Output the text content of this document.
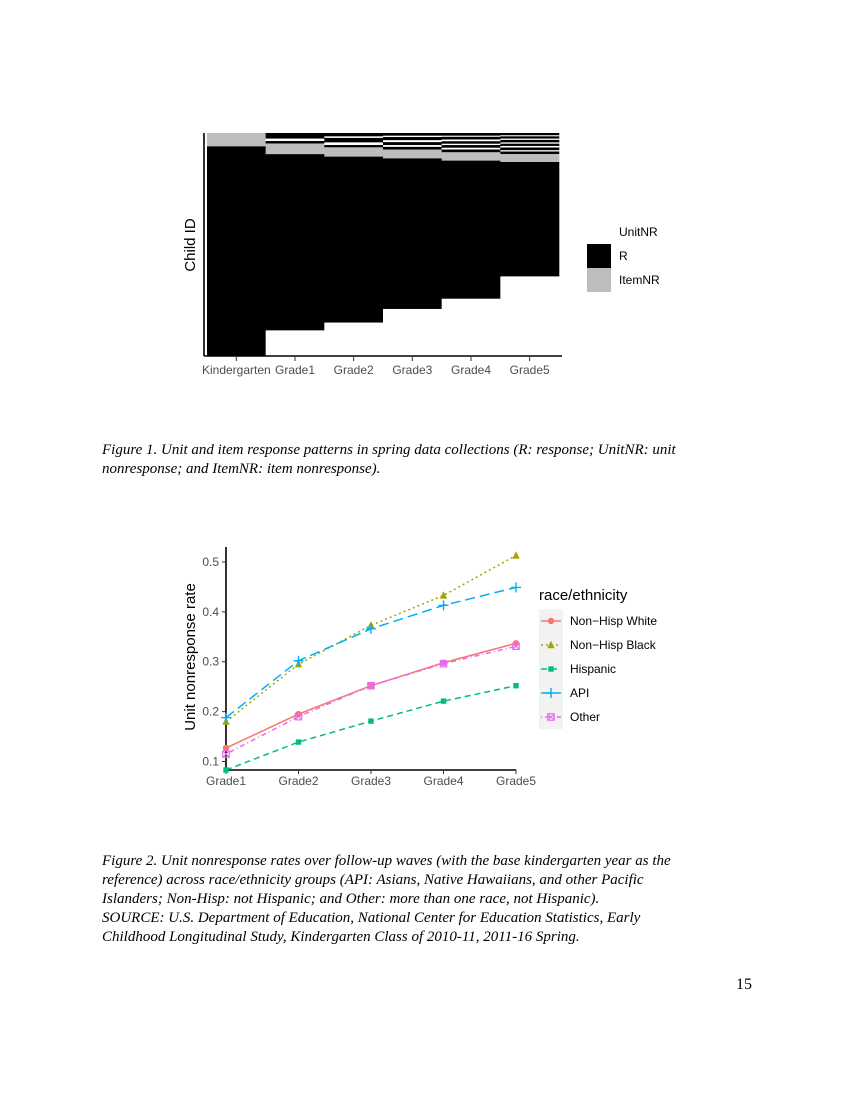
Child ID
Kindergarten Grade1 Grade2 Grade3 Grade4 Grade5
UnitNR
R
ItemNR
Figure 1. Unit and item response patterns in spring data collections (R: response; UnitNR: unit
nonresponse; and ItemNR: item nonresponse).
Unit nonresponse rate
0.1
0.2
0.3
0.4
0.5
Grade1	Grade2	Grade3	Grade4	Grade5
race/ethnicity
Non−Hisp White
Non−Hisp Black
Hispanic
API
Other
Figure 2. Unit nonresponse rates over follow-up waves (with the base kindergarten year as the
reference) across race/ethnicity groups (API: Asians, Native Hawaiians, and other Pacific
Islanders; Non-Hisp: not Hispanic; and Other: more than one race, not Hispanic).
SOURCE: U.S. Department of Education, National Center for Education Statistics, Early
Childhood Longitudinal Study, Kindergarten Class of 2010-11, 2011-16 Spring.
15
